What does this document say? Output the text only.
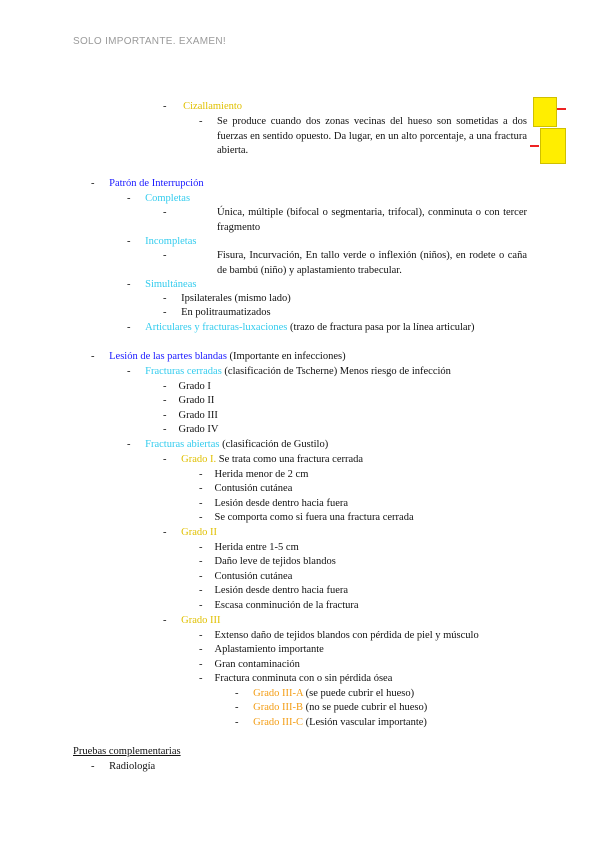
SOLO IMPORTANTE. EXAMEN!
- Cizallamiento
- Se produce cuando dos zonas vecinas del hueso son sometidas a dos fuerzas en sentido opuesto. Da lugar, en un alto porcentaje, a una fractura abierta.
- Patrón de Interrupción
- Completas
-	Única, múltiple (bifocal o segmentaria, trifocal), conminuta o con tercer fragmento
- Incompletas
-	Fisura, Incurvación, En tallo verde o inflexión (niños), en rodete o caña de bambú (niño) y aplastamiento trabecular.
- Simultáneas
- Ipsilaterales (mismo lado)
- En politraumatizados
- Articulares y fracturas-luxaciones (trazo de fractura pasa por la línea articular)
- Lesión de las partes blandas (Importante en infecciones)
- Fracturas cerradas (clasificación de Tscherne) Menos riesgo de infección
- Grado I
- Grado II
- Grado III
- Grado IV
- Fracturas abiertas (clasificación de Gustilo)
- Grado I. Se trata como una fractura cerrada
- Herida menor de 2 cm
- Contusión cutánea
- Lesión desde dentro hacia fuera
- Se comporta como si fuera una fractura cerrada
- Grado II
- Herida entre 1-5 cm
- Daño leve de tejidos blandos
- Contusión cutánea
- Lesión desde dentro hacia fuera
- Escasa conminución de la fractura
- Grado III
- Extenso daño de tejidos blandos con pérdida de piel y músculo
- Aplastamiento importante
- Gran contaminación
- Fractura conminuta con o sin pérdida ósea
- Grado III-A (se puede cubrir el hueso)
- Grado III-B (no se puede cubrir el hueso)
- Grado III-C (Lesión vascular importante)
Pruebas complementarias
- Radiología
